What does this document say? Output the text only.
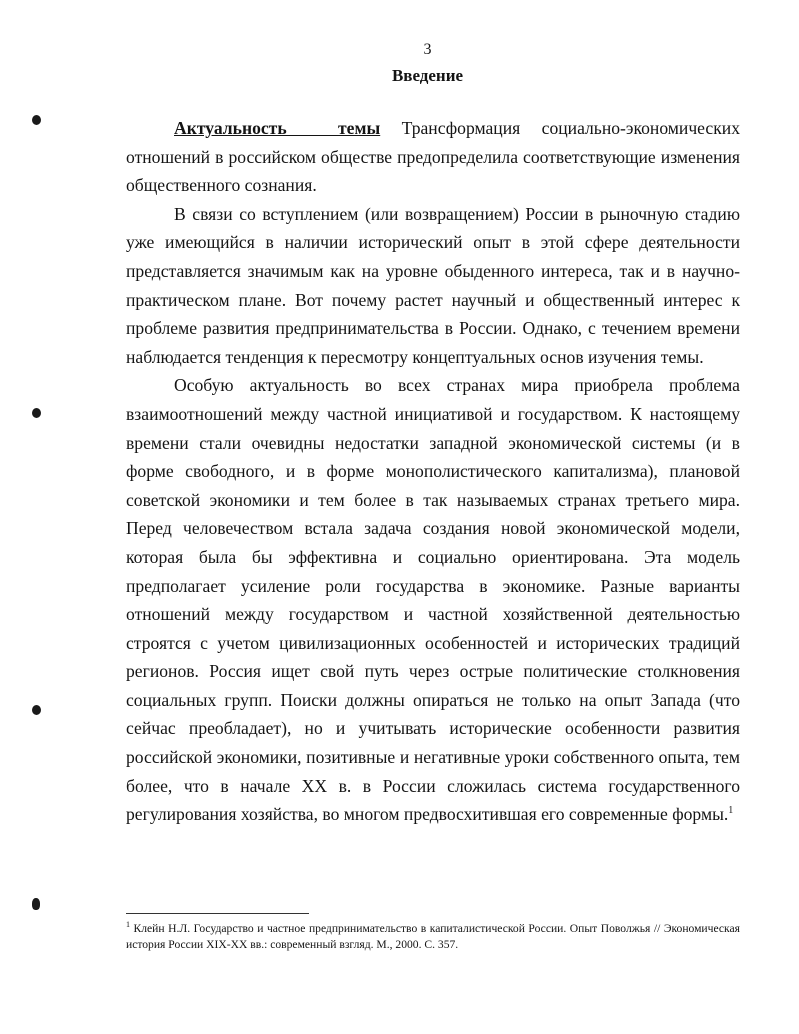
3
Введение

Актуальность темы Трансформация социально-экономических отношений в российском обществе предопределила соответствующие изменения общественного сознания.

В связи со вступлением (или возвращением) России в рыночную стадию уже имеющийся в наличии исторический опыт в этой сфере деятельности представляется значимым как на уровне обыденного интереса, так и в научно-практическом плане. Вот почему растет научный и общественный интерес к проблеме развития предпринимательства в России. Однако, с течением времени наблюдается тенденция к пересмотру концептуальных основ изучения темы.

Особую актуальность во всех странах мира приобрела проблема взаимоотношений между частной инициативой и государством. К настоящему времени стали очевидны недостатки западной экономической системы (и в форме свободного, и в форме монополистического капитализма), плановой советской экономики и тем более в так называемых странах третьего мира. Перед человечеством встала задача создания новой экономической модели, которая была бы эффективна и социально ориентирована. Эта модель предполагает усиление роли государства в экономике. Разные варианты отношений между государством и частной хозяйственной деятельностью строятся с учетом цивилизационных особенностей и исторических традиций регионов. Россия ищет свой путь через острые политические столкновения социальных групп. Поиски должны опираться не только на опыт Запада (что сейчас преобладает), но и учитывать исторические особенности развития российской экономики, позитивные и негативные уроки собственного опыта, тем более, что в начале XX в. в России сложилась система государственного регулирования хозяйства, во многом предвосхитившая его современные формы.$^1$

$^1$ Клейн Н.Л. Государство и частное предпринимательство в капиталистической России. Опыт Поволжья // Экономическая история России XIX-XX вв.: современный взгляд. М., 2000. С. 357.
